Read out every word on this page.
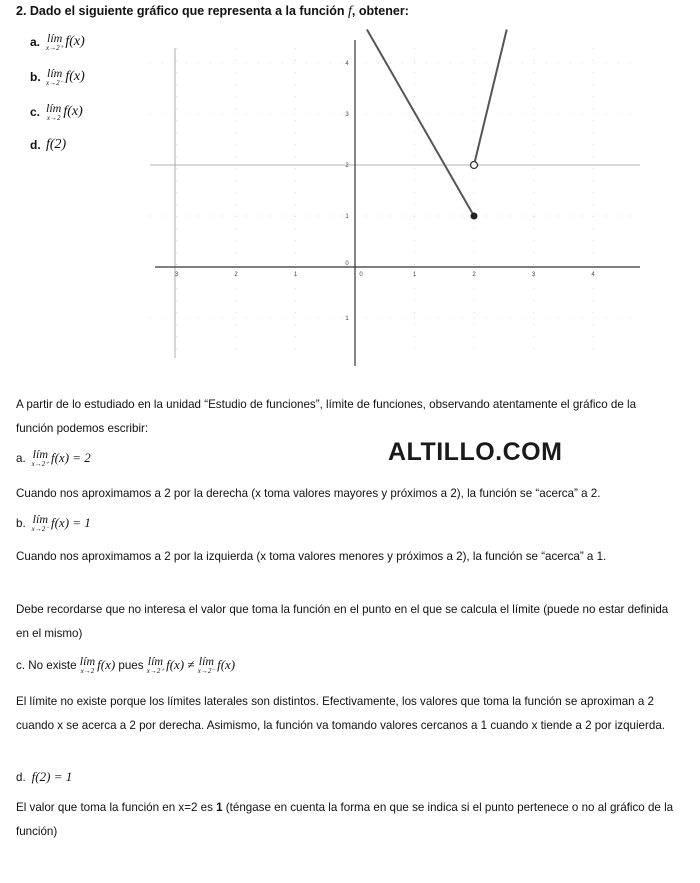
2. Dado el siguiente gráfico que representa a la función f, obtener:
a. lím
x→2⁺ f(x)
b. lím
x→2⁻ f(x)
c. lím
x→2 f(x)
d. f(2)
3	2	1	0	1	2	3	4
4
3
2
1
0
1
A partir de lo estudiado en la unidad “Estudio de funciones”, límite de funciones, observando atentamente el gráfico de la función podemos escribir:
a. lím
x→2⁺ f(x) = 2	ALTILLO.COM
Cuando nos aproximamos a 2 por la derecha (x toma valores mayores y próximos a 2), la función se “acerca” a 2.
b. lím
x→2⁻ f(x) = 1
Cuando nos aproximamos a 2 por la izquierda (x toma valores menores y próximos a 2), la función se “acerca” a 1.
Debe recordarse que no interesa el valor que toma la función en el punto en el que se calcula el límite (puede no estar definida en el mismo)
c. No existe lím
x→2 f(x) pues lím
x→2⁺ f(x) ≠ lím
x→2⁻ f(x)
El límite no existe porque los límites laterales son distintos. Efectivamente, los valores que toma la función se aproximan a 2 cuando x se acerca a 2 por derecha. Asimismo, la función va tomando valores cercanos a 1 cuando x tiende a 2 por izquierda.
d. f(2) = 1
El valor que toma la función en x=2 es 1 (téngase en cuenta la forma en que se indica si el punto pertenece o no al gráfico de la función)
